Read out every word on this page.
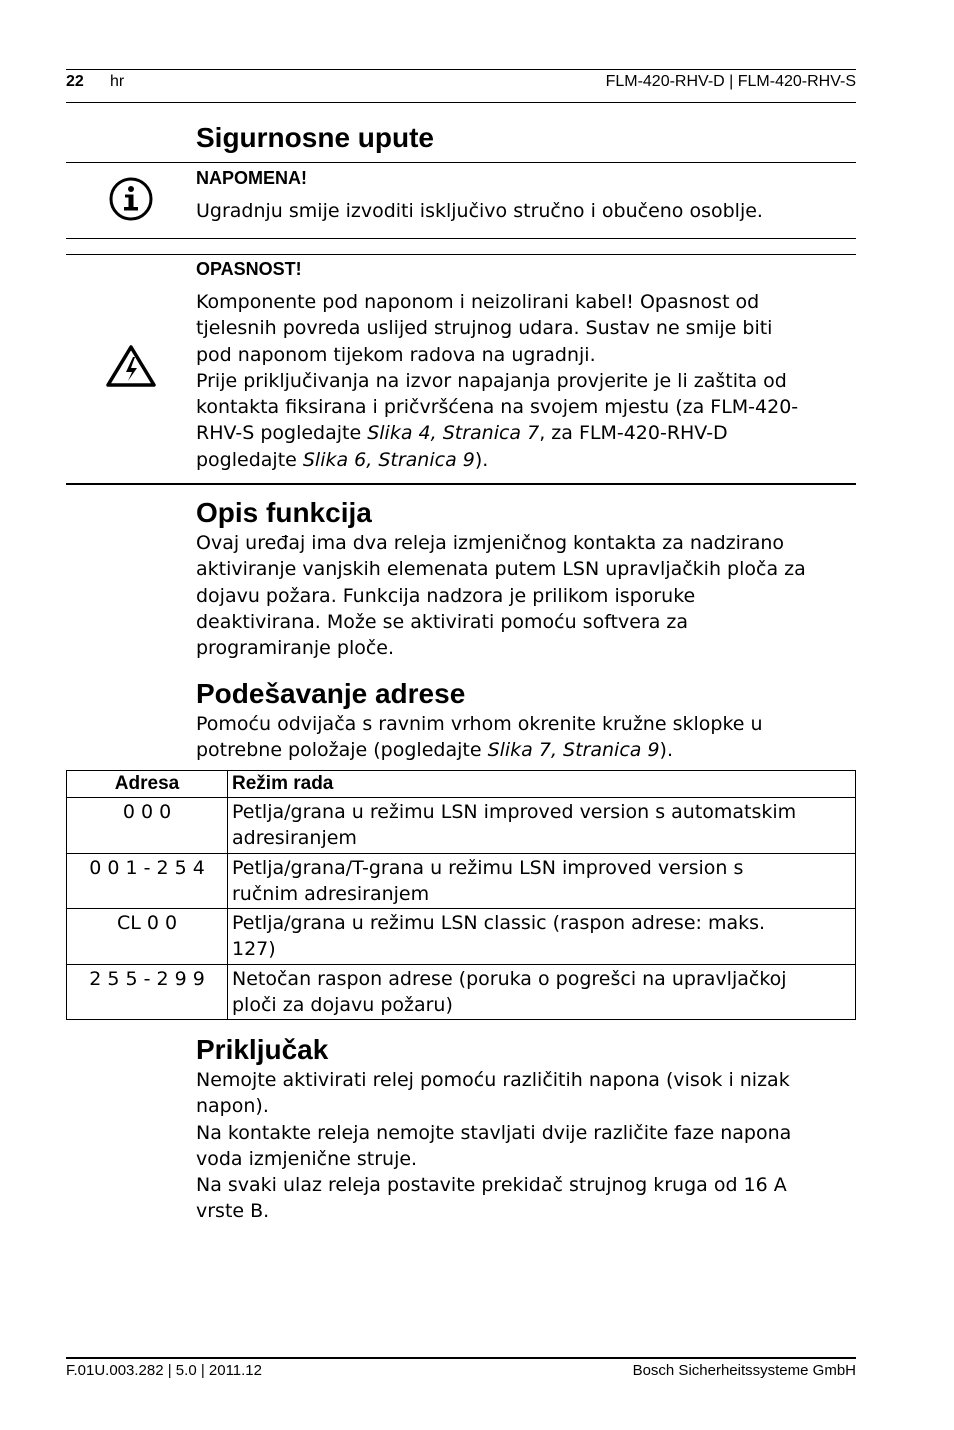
22 hr	FLM-420-RHV-D | FLM-420-RHV-S
Sigurnosne upute
NAPOMENA!
Ugradnju smije izvoditi isključivo stručno i obučeno osoblje.
OPASNOST!
Komponente pod naponom i neizolirani kabel! Opasnost od
tjelesnih povreda uslijed strujnog udara. Sustav ne smije biti
pod naponom tijekom radova na ugradnji.
Prije priključivanja na izvor napajanja provjerite je li zaštita od
kontakta fiksirana i pričvršćena na svojem mjestu (za FLM-420-
RHV-S pogledajte Slika 4, Stranica 7, za FLM-420-RHV-D
pogledajte Slika 6, Stranica 9).
Opis funkcija
Ovaj uređaj ima dva releja izmjeničnog kontakta za nadzirano
aktiviranje vanjskih elemenata putem LSN upravljačkih ploča za
dojavu požara. Funkcija nadzora je prilikom isporuke
deaktivirana. Može se aktivirati pomoću softvera za
programiranje ploče.
Podešavanje adrese
Pomoću odvijača s ravnim vrhom okrenite kružne sklopke u
potrebne položaje (pogledajte Slika 7, Stranica 9).
Adresa	Režim rada
0 0 0	Petlja/grana u režimu LSN improved version s automatskim
adresiranjem

0 0 1 - 2 5 4	Petlja/grana/T-grana u režimu LSN improved version s
ručnim adresiranjem

CL 0 0	Petlja/grana u režimu LSN classic (raspon adrese: maks.
127)

2 5 5 - 2 9 9	Netočan raspon adrese (poruka o pogrešci na upravljačkoj
ploči za dojavu požaru)
Priključak
Nemojte aktivirati relej pomoću različitih napona (visok i nizak
napon).
Na kontakte releja nemojte stavljati dvije različite faze napona
voda izmjenične struje.
Na svaki ulaz releja postavite prekidač strujnog kruga od 16 A
vrste B.
F.01U.003.282 | 5.0 | 2011.12	Bosch Sicherheitssysteme GmbH
